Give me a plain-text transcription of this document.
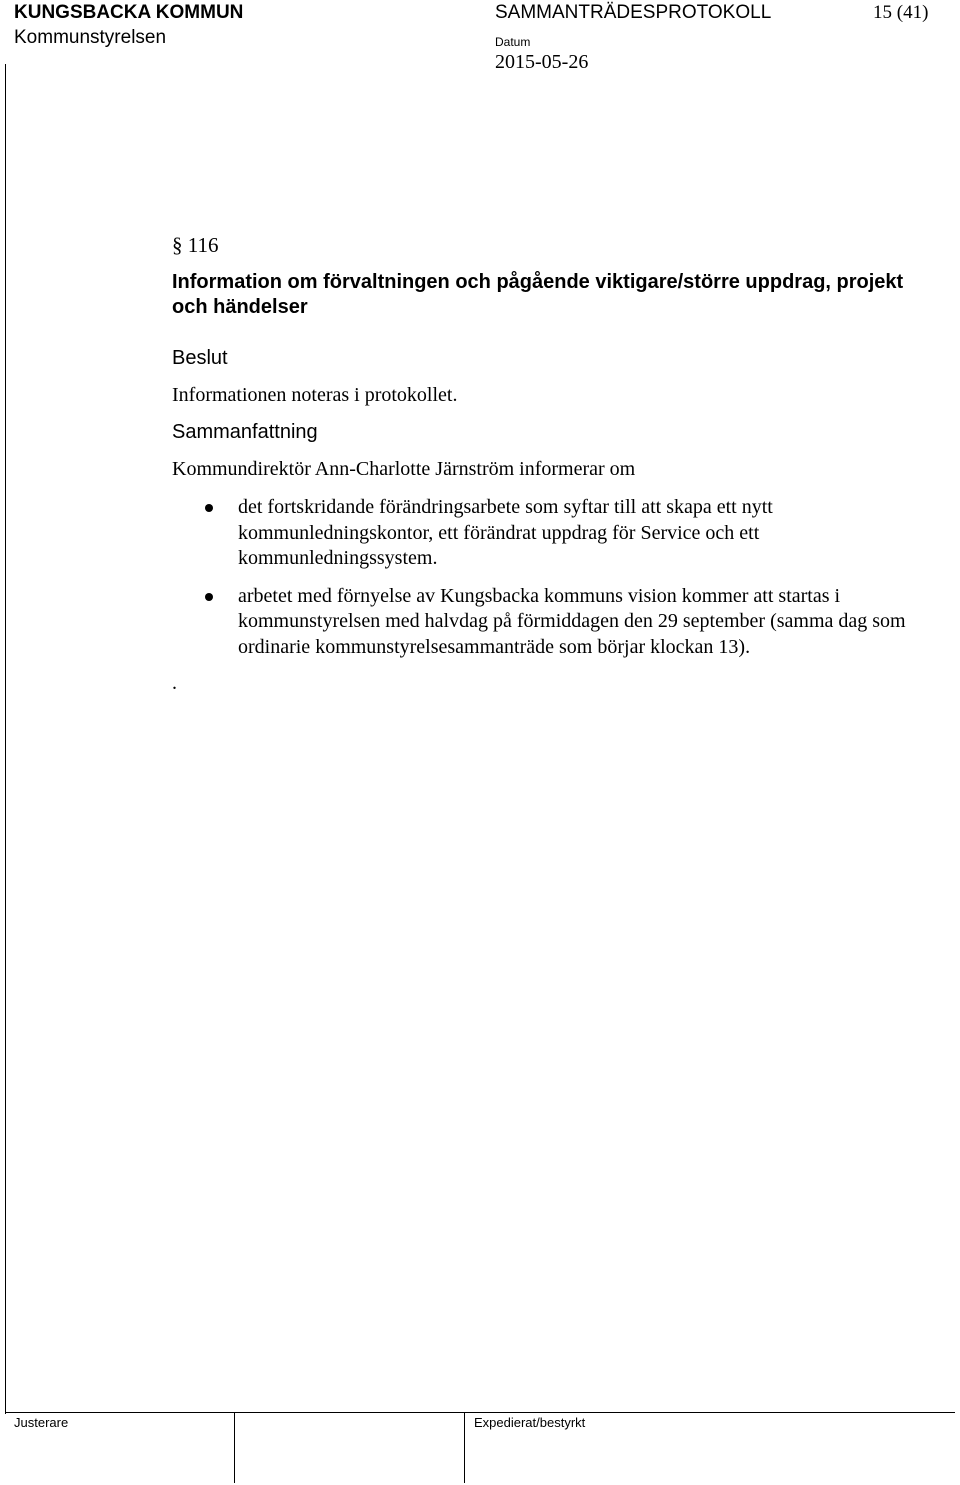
KUNGSBACKA KOMMUN
Kommunstyrelsen
SAMMANTRÄDESPROTOKOLL	15 (41)
Datum
2015-05-26
§ 116
Information om förvaltningen och pågående viktigare/större uppdrag, projekt och händelser
Beslut
Informationen noteras i protokollet.
Sammanfattning
Kommundirektör Ann-Charlotte Järnström informerar om
det fortskridande förändringsarbete som syftar till att skapa ett nytt kommunledningskontor, ett förändrat uppdrag för Service och ett kommunledningssystem.
arbetet med förnyelse av Kungsbacka kommuns vision kommer att startas i kommunstyrelsen med halvdag på förmiddagen den 29 september (samma dag som ordinarie kommunstyrelsesammanträde som börjar klockan 13).
.
Justerare	Expedierat/bestyrkt
